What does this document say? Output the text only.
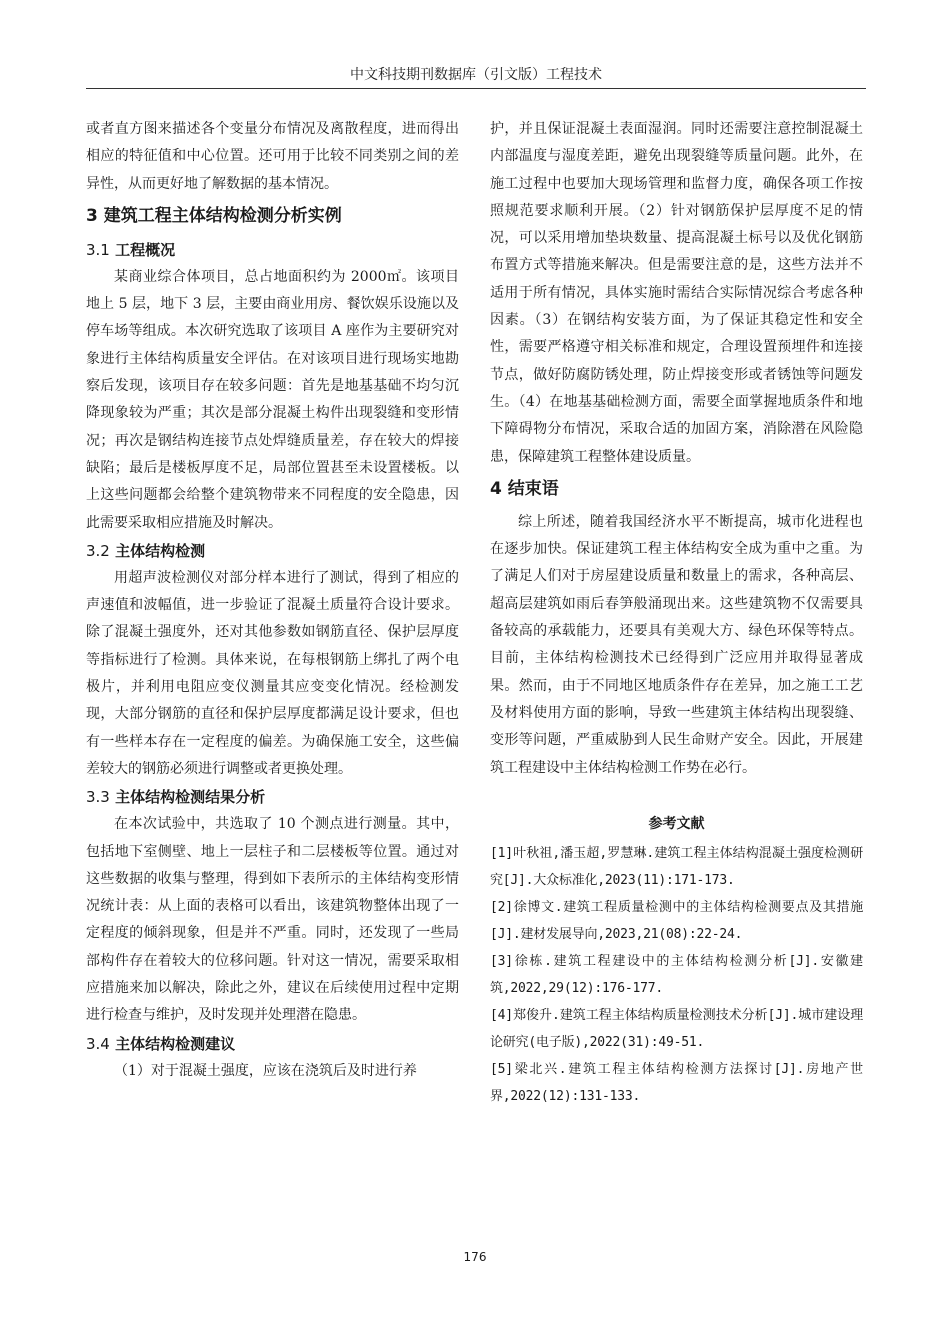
中文科技期刊数据库（引文版）工程技术

或者直方图来描述各个变量分布情况及离散程度，进而得出相应的特征值和中心位置。还可用于比较不同类别之间的差异性，从而更好地了解数据的基本情况。

3 建筑工程主体结构检测分析实例
3.1 工程概况

某商业综合体项目，总占地面积约为 2000㎡。该项目地上 5 层，地下 3 层，主要由商业用房、餐饮娱乐设施以及停车场等组成。本次研究选取了该项目 A 座作为主要研究对象进行主体结构质量安全评估。在对该项目进行现场实地勘察后发现，该项目存在较多问题：首先是地基基础不均匀沉降现象较为严重；其次是部分混凝土构件出现裂缝和变形情况；再次是钢结构连接节点处焊缝质量差，存在较大的焊接缺陷；最后是楼板厚度不足，局部位置甚至未设置楼板。以上这些问题都会给整个建筑物带来不同程度的安全隐患，因此需要采取相应措施及时解决。

3.2 主体结构检测

用超声波检测仪对部分样本进行了测试，得到了相应的声速值和波幅值，进一步验证了混凝土质量符合设计要求。除了混凝土强度外，还对其他参数如钢筋直径、保护层厚度等指标进行了检测。具体来说，在每根钢筋上绑扎了两个电极片，并利用电阻应变仪测量其应变变化情况。经检测发现，大部分钢筋的直径和保护层厚度都满足设计要求，但也有一些样本存在一定程度的偏差。为确保施工安全，这些偏差较大的钢筋必须进行调整或者更换处理。

3.3 主体结构检测结果分析

在本次试验中，共选取了 10 个测点进行测量。其中，包括地下室侧壁、地上一层柱子和二层楼板等位置。通过对这些数据的收集与整理，得到如下表所示的主体结构变形情况统计表：从上面的表格可以看出，该建筑物整体出现了一定程度的倾斜现象，但是并不严重。同时，还发现了一些局部构件存在着较大的位移问题。针对这一情况，需要采取相应措施来加以解决，除此之外，建议在后续使用过程中定期进行检查与维护，及时发现并处理潜在隐患。

3.4 主体结构检测建议

（1）对于混凝土强度，应该在浇筑后及时进行养

护，并且保证混凝土表面湿润。同时还需要注意控制混凝土内部温度与湿度差距，避免出现裂缝等质量问题。此外，在施工过程中也要加大现场管理和监督力度，确保各项工作按照规范要求顺利开展。（2）针对钢筋保护层厚度不足的情况，可以采用增加垫块数量、提高混凝土标号以及优化钢筋布置方式等措施来解决。但是需要注意的是，这些方法并不适用于所有情况，具体实施时需结合实际情况综合考虑各种因素。（3）在钢结构安装方面，为了保证其稳定性和安全性，需要严格遵守相关标准和规定，合理设置预埋件和连接节点，做好防腐防锈处理，防止焊接变形或者锈蚀等问题发生。（4）在地基基础检测方面，需要全面掌握地质条件和地下障碍物分布情况，采取合适的加固方案，消除潜在风险隐患，保障建筑工程整体建设质量。

4 结束语

综上所述，随着我国经济水平不断提高，城市化进程也在逐步加快。保证建筑工程主体结构安全成为重中之重。为了满足人们对于房屋建设质量和数量上的需求，各种高层、超高层建筑如雨后春笋般涌现出来。这些建筑物不仅需要具备较高的承载能力，还要具有美观大方、绿色环保等特点。目前，主体结构检测技术已经得到广泛应用并取得显著成果。然而，由于不同地区地质条件存在差异，加之施工工艺及材料使用方面的影响，导致一些建筑主体结构出现裂缝、变形等问题，严重威胁到人民生命财产安全。因此，开展建筑工程建设中主体结构检测工作势在必行。

参考文献

[1]叶秋祖,潘玉超,罗慧琳.建筑工程主体结构混凝土强度检测研究[J].大众标准化,2023(11):171-173.

[2]徐博文.建筑工程质量检测中的主体结构检测要点及其措施[J].建材发展导向,2023,21(08):22-24.

[3]徐栋.建筑工程建设中的主体结构检测分析[J].安徽建筑,2022,29(12):176-177.

[4]郑俊升.建筑工程主体结构质量检测技术分析[J].城市建设理论研究(电子版),2022(31):49-51.

[5]梁北兴.建筑工程主体结构检测方法探讨[J].房地产世界,2022(12):131-133.

176
